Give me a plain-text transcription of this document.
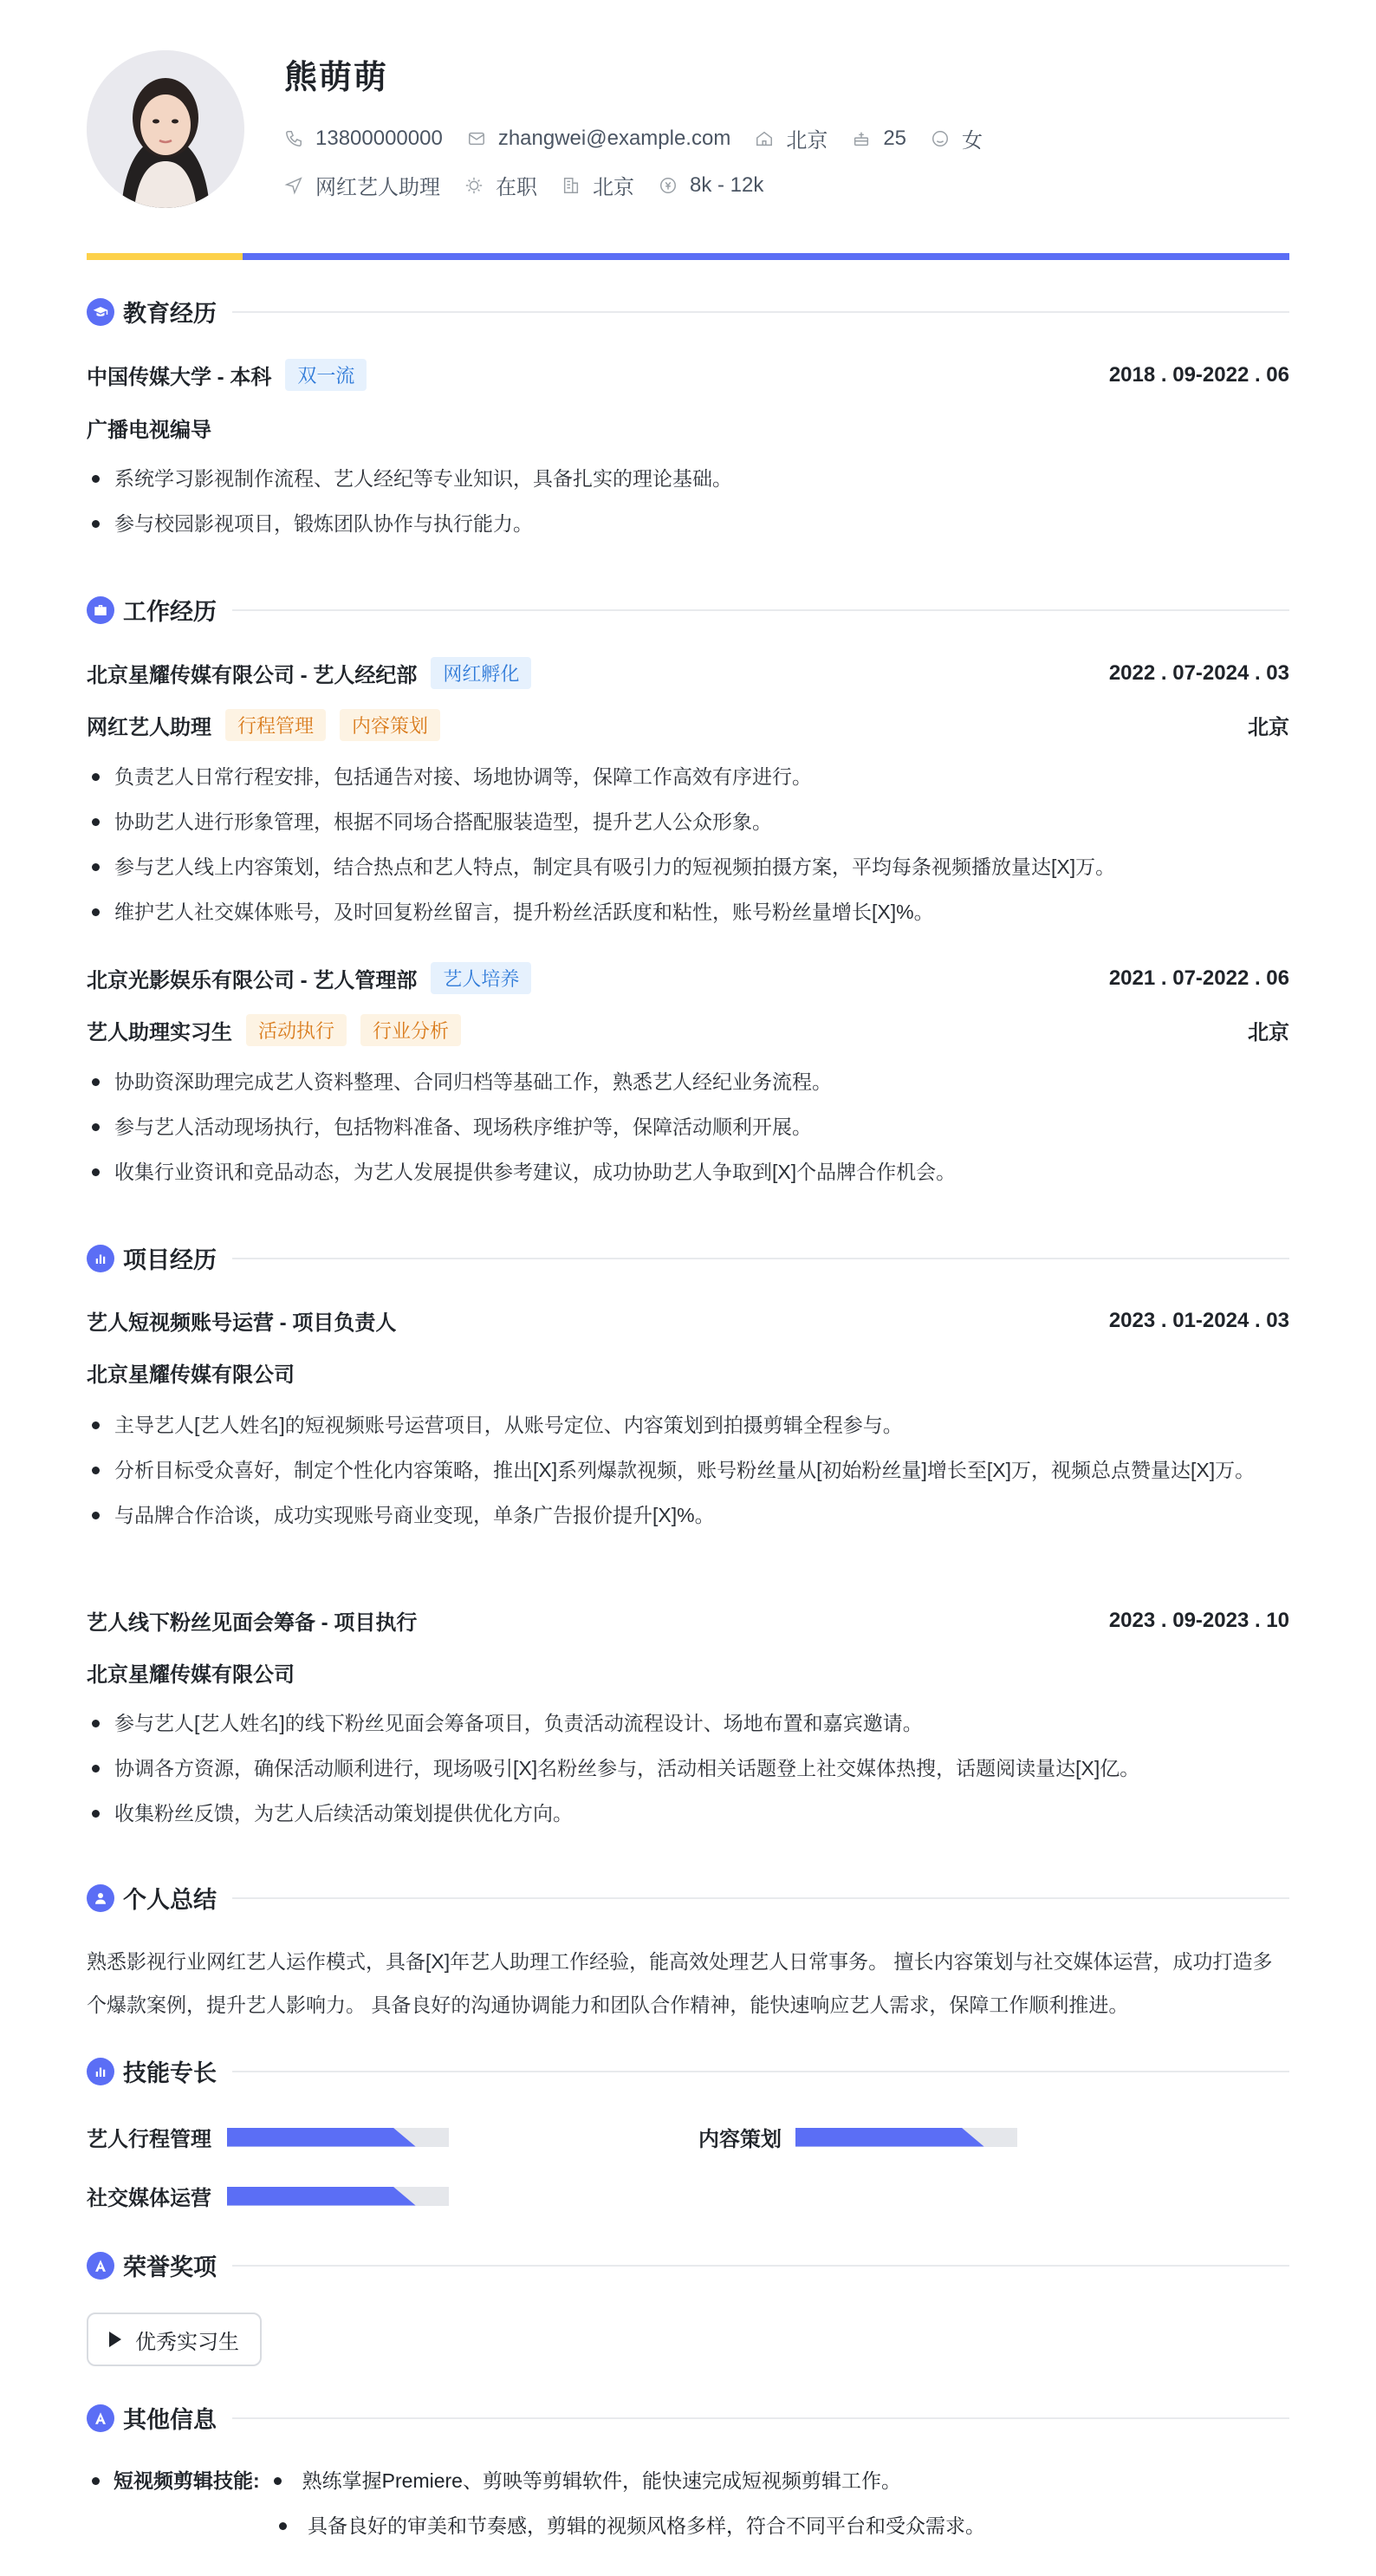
熊萌萌
13800000000	zhangwei@example.com	北京	25	女
网红艺人助理	在职	北京	8k - 12k
教育经历
中国传媒大学 - 本科	双一流	2018 . 09-2022 . 06
广播电视编导
系统学习影视制作流程、艺人经纪等专业知识，具备扎实的理论基础。
参与校园影视项目，锻炼团队协作与执行能力。
工作经历
北京星耀传媒有限公司 - 艺人经纪部	网红孵化	2022 . 07-2024 . 03
网红艺人助理	行程管理	内容策划	北京
负责艺人日常行程安排，包括通告对接、场地协调等，保障工作高效有序进行。
协助艺人进行形象管理，根据不同场合搭配服装造型，提升艺人公众形象。
参与艺人线上内容策划，结合热点和艺人特点，制定具有吸引力的短视频拍摄方案，平均每条视频播放量达[X]万。
维护艺人社交媒体账号，及时回复粉丝留言，提升粉丝活跃度和粘性，账号粉丝量增长[X]%。
北京光影娱乐有限公司 - 艺人管理部	艺人培养	2021 . 07-2022 . 06
艺人助理实习生	活动执行	行业分析	北京
协助资深助理完成艺人资料整理、合同归档等基础工作，熟悉艺人经纪业务流程。
参与艺人活动现场执行，包括物料准备、现场秩序维护等，保障活动顺利开展。
收集行业资讯和竞品动态，为艺人发展提供参考建议，成功协助艺人争取到[X]个品牌合作机会。
项目经历
艺人短视频账号运营 - 项目负责人	2023 . 01-2024 . 03
北京星耀传媒有限公司
主导艺人[艺人姓名]的短视频账号运营项目，从账号定位、内容策划到拍摄剪辑全程参与。
分析目标受众喜好，制定个性化内容策略，推出[X]系列爆款视频，账号粉丝量从[初始粉丝量]增长至[X]万，视频总点赞量达[X]万。
与品牌合作洽谈，成功实现账号商业变现，单条广告报价提升[X]%。
艺人线下粉丝见面会筹备 - 项目执行	2023 . 09-2023 . 10
北京星耀传媒有限公司
参与艺人[艺人姓名]的线下粉丝见面会筹备项目，负责活动流程设计、场地布置和嘉宾邀请。
协调各方资源，确保活动顺利进行，现场吸引[X]名粉丝参与，活动相关话题登上社交媒体热搜，话题阅读量达[X]亿。
收集粉丝反馈，为艺人后续活动策划提供优化方向。
个人总结
熟悉影视行业网红艺人运作模式，具备[X]年艺人助理工作经验，能高效处理艺人日常事务。 擅长内容策划与社交媒体运营，成功打造多个爆款案例，提升艺人影响力。 具备良好的沟通协调能力和团队合作精神，能快速响应艺人需求，保障工作顺利推进。
技能专长
艺人行程管理	内容策划
社交媒体运营
荣誉奖项
优秀实习生
其他信息
短视频剪辑技能: 熟练掌握Premiere、剪映等剪辑软件，能快速完成短视频剪辑工作。
具备良好的审美和节奏感，剪辑的视频风格多样，符合不同平台和受众需求。
